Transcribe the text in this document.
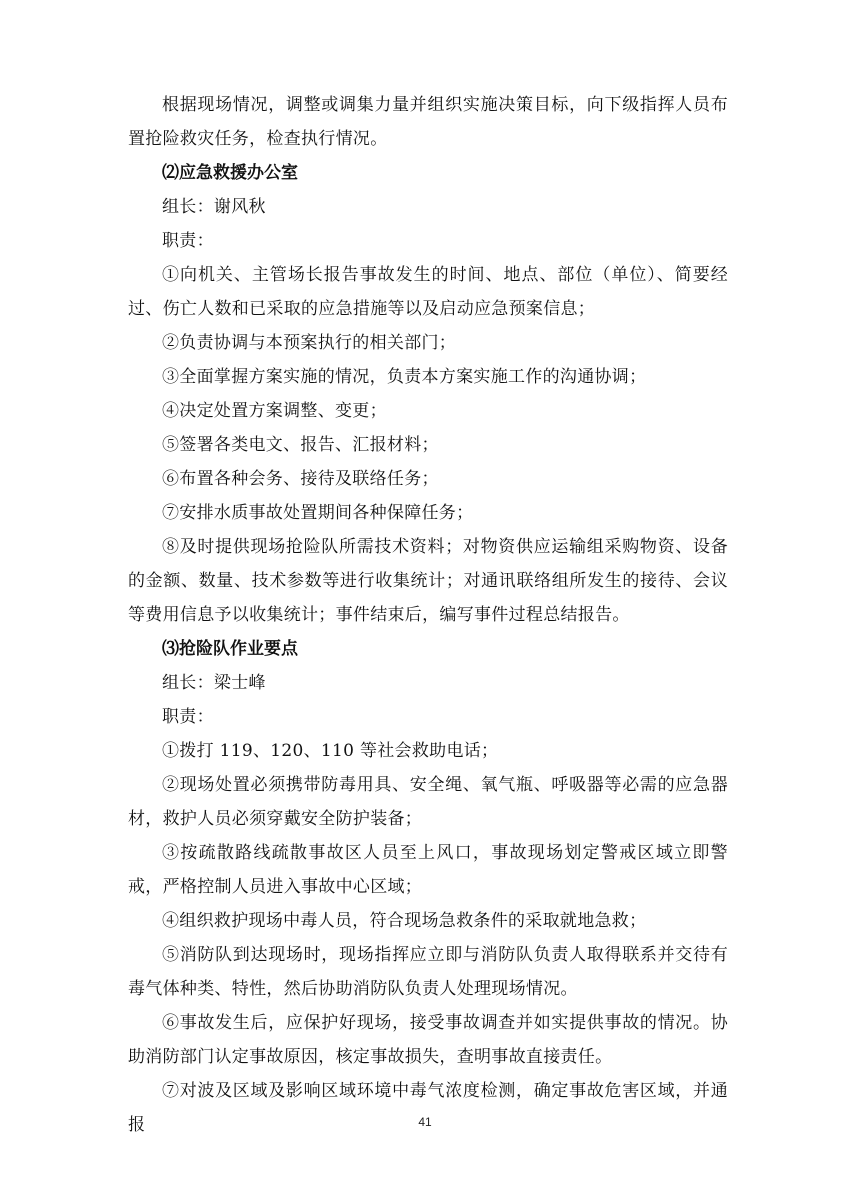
根据现场情况，调整或调集力量并组织实施决策目标，向下级指挥人员布置抢险救灾任务，检查执行情况。

⑵应急救援办公室

组长：谢风秋

职责：

①向机关、主管场长报告事故发生的时间、地点、部位（单位）、简要经过、伤亡人数和已采取的应急措施等以及启动应急预案信息；

②负责协调与本预案执行的相关部门；

③全面掌握方案实施的情况，负责本方案实施工作的沟通协调；

④决定处置方案调整、变更；

⑤签署各类电文、报告、汇报材料；

⑥布置各种会务、接待及联络任务；

⑦安排水质事故处置期间各种保障任务；

⑧及时提供现场抢险队所需技术资料；对物资供应运输组采购物资、设备的金额、数量、技术参数等进行收集统计；对通讯联络组所发生的接待、会议等费用信息予以收集统计；事件结束后，编写事件过程总结报告。

⑶抢险队作业要点

组长：梁士峰

职责：

①拨打 119、120、110 等社会救助电话；

②现场处置必须携带防毒用具、安全绳、氧气瓶、呼吸器等必需的应急器材，救护人员必须穿戴安全防护装备；

③按疏散路线疏散事故区人员至上风口，事故现场划定警戒区域立即警戒，严格控制人员进入事故中心区域；

④组织救护现场中毒人员，符合现场急救条件的采取就地急救；

⑤消防队到达现场时，现场指挥应立即与消防队负责人取得联系并交待有毒气体种类、特性，然后协助消防队负责人处理现场情况。

⑥事故发生后，应保护好现场，接受事故调查并如实提供事故的情况。协助消防部门认定事故原因，核定事故损失，查明事故直接责任。

⑦对波及区域及影响区域环境中毒气浓度检测，确定事故危害区域，并通报	41
